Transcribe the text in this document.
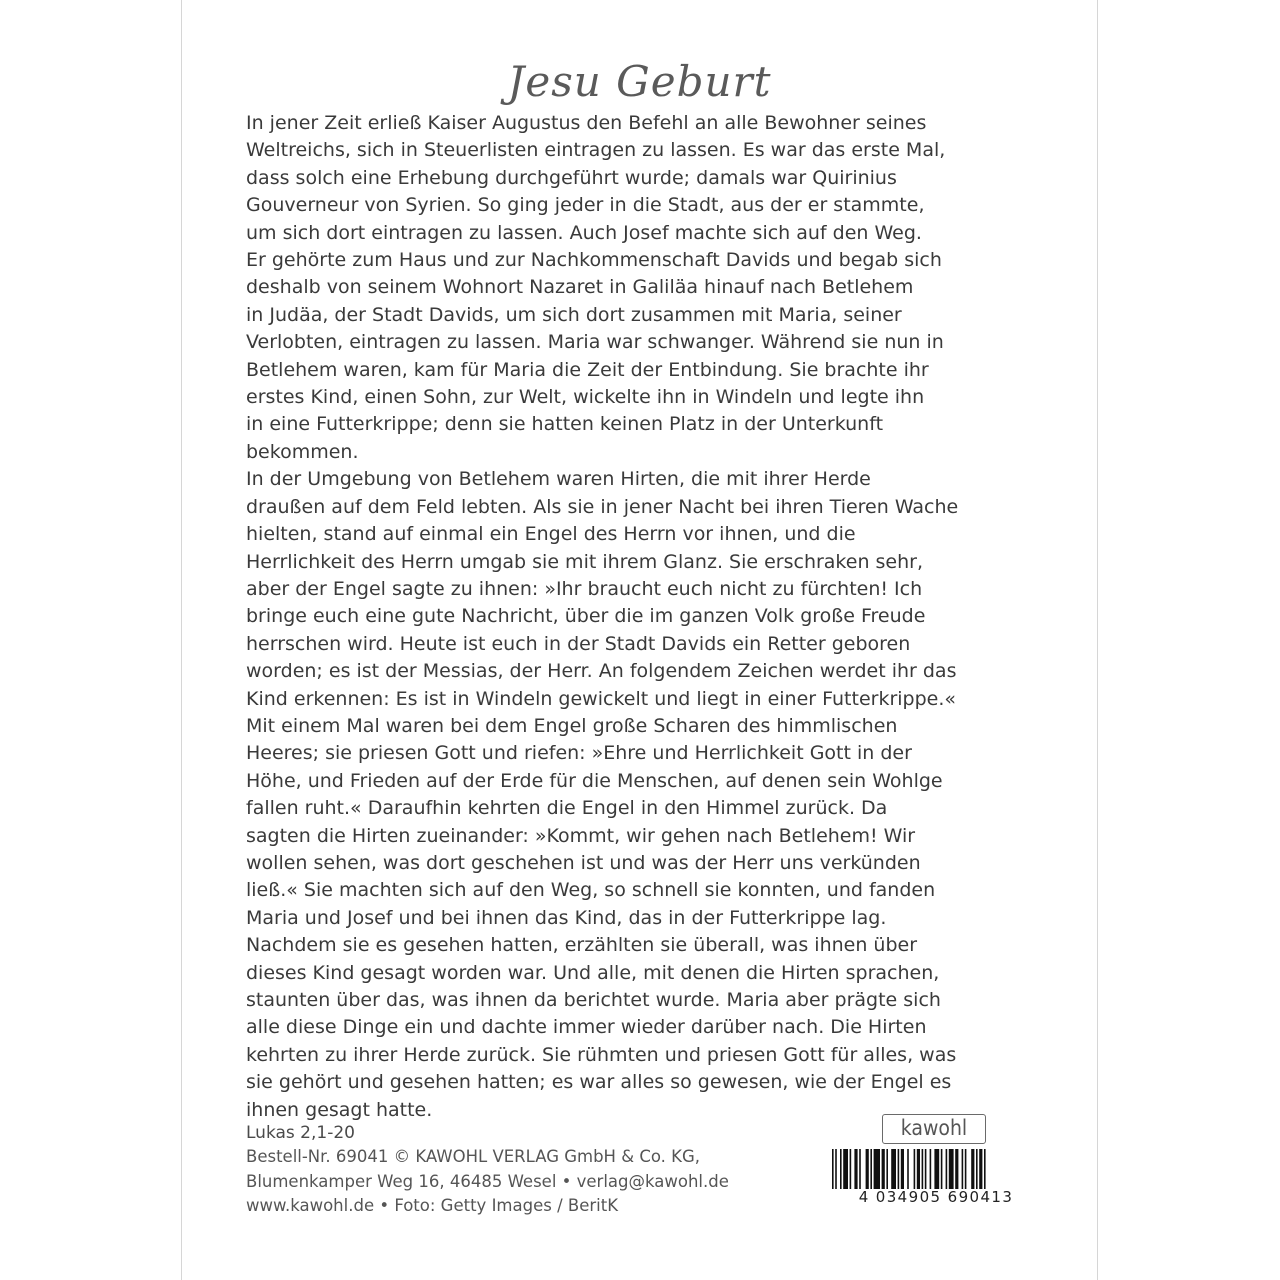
Jesu Geburt
In jener Zeit erließ Kaiser Augustus den Befehl an alle Bewohner seines
Weltreichs, sich in Steuerlisten eintragen zu lassen. Es war das erste Mal,
dass solch eine Erhebung durchgeführt wurde; damals war Quirinius
Gouverneur von Syrien. So ging jeder in die Stadt, aus der er stammte,
um sich dort eintragen zu lassen. Auch Josef machte sich auf den Weg.
Er gehörte zum Haus und zur Nachkommenschaft Davids und begab sich
deshalb von seinem Wohnort Nazaret in Galiläa hinauf nach Betlehem
in Judäa, der Stadt Davids, um sich dort zusammen mit Maria, seiner
Verlobten, eintragen zu lassen. Maria war schwanger. Während sie nun in
Betlehem waren, kam für Maria die Zeit der Entbindung. Sie brachte ihr
erstes Kind, einen Sohn, zur Welt, wickelte ihn in Windeln und legte ihn
in eine Futterkrippe; denn sie hatten keinen Platz in der Unterkunft
bekommen.
In der Umgebung von Betlehem waren Hirten, die mit ihrer Herde
draußen auf dem Feld lebten. Als sie in jener Nacht bei ihren Tieren Wache
hielten, stand auf einmal ein Engel des Herrn vor ihnen, und die
Herrlichkeit des Herrn umgab sie mit ihrem Glanz. Sie erschraken sehr,
aber der Engel sagte zu ihnen: »Ihr braucht euch nicht zu fürchten! Ich
bringe euch eine gute Nachricht, über die im ganzen Volk große Freude
herrschen wird. Heute ist euch in der Stadt Davids ein Retter geboren
worden; es ist der Messias, der Herr. An folgendem Zeichen werdet ihr das
Kind erkennen: Es ist in Windeln gewickelt und liegt in einer Futterkrippe.«
Mit einem Mal waren bei dem Engel große Scharen des himmlischen
Heeres; sie priesen Gott und riefen: »Ehre und Herrlichkeit Gott in der
Höhe, und Frieden auf der Erde für die Menschen, auf denen sein Wohlge
fallen ruht.« Daraufhin kehrten die Engel in den Himmel zurück. Da
sagten die Hirten zueinander: »Kommt, wir gehen nach Betlehem! Wir
wollen sehen, was dort geschehen ist und was der Herr uns verkünden
ließ.« Sie machten sich auf den Weg, so schnell sie konnten, und fanden
Maria und Josef und bei ihnen das Kind, das in der Futterkrippe lag.
Nachdem sie es gesehen hatten, erzählten sie überall, was ihnen über
dieses Kind gesagt worden war. Und alle, mit denen die Hirten sprachen,
staunten über das, was ihnen da berichtet wurde. Maria aber prägte sich
alle diese Dinge ein und dachte immer wieder darüber nach. Die Hirten
kehrten zu ihrer Herde zurück. Sie rühmten und priesen Gott für alles, was
sie gehört und gesehen hatten; es war alles so gewesen, wie der Engel es
ihnen gesagt hatte.
Lukas 2,1-20
Bestell-Nr. 69041 © KAWOHL VERLAG GmbH & Co. KG,
Blumenkamper Weg 16, 46485 Wesel • verlag@kawohl.de
www.kawohl.de • Foto: Getty Images / BeritK
kawohl
4 034905 690413
